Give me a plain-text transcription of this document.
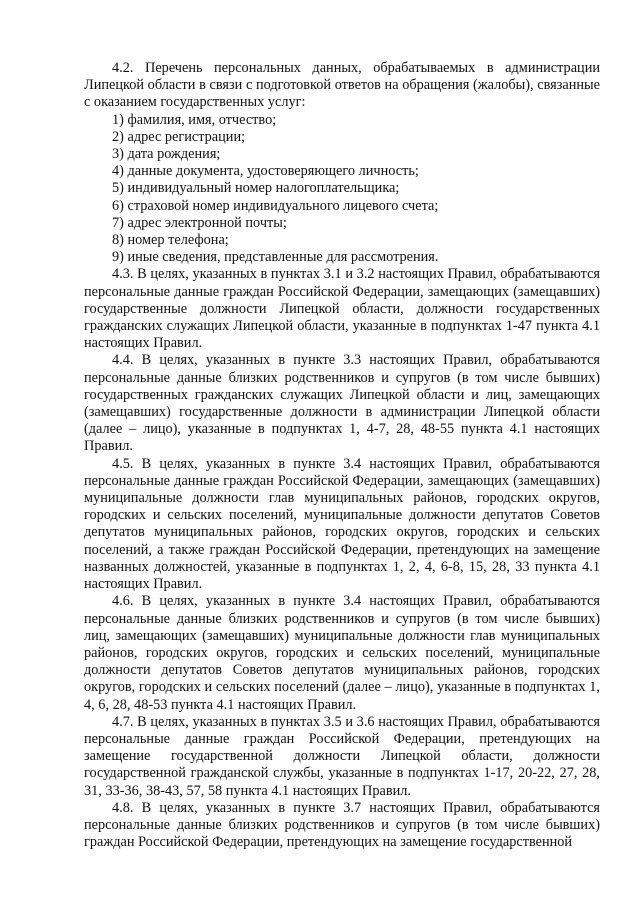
4.2. Перечень персональных данных, обрабатываемых в администрации Липецкой области в связи с подготовкой ответов на обращения (жалобы), связанные с оказанием государственных услуг:

1) фамилия, имя, отчество;
2) адрес регистрации;
3) дата рождения;
4) данные документа, удостоверяющего личность;
5) индивидуальный номер налогоплательщика;
6) страховой номер индивидуального лицевого счета;
7) адрес электронной почты;
8) номер телефона;
9) иные сведения, представленные для рассмотрения.

4.3. В целях, указанных в пунктах 3.1 и 3.2 настоящих Правил, обрабатываются персональные данные граждан Российской Федерации, замещающих (замещавших) государственные должности Липецкой области, должности государственных гражданских служащих Липецкой области, указанные в подпунктах 1-47 пункта 4.1 настоящих Правил.

4.4. В целях, указанных в пункте 3.3 настоящих Правил, обрабатываются персональные данные близких родственников и супругов (в том числе бывших) государственных гражданских служащих Липецкой области и лиц, замещающих (замещавших) государственные должности в администрации Липецкой области (далее – лицо), указанные в подпунктах 1, 4-7, 28, 48-55 пункта 4.1 настоящих Правил.

4.5. В целях, указанных в пункте 3.4 настоящих Правил, обрабатываются персональные данные граждан Российской Федерации, замещающих (замещавших) муниципальные должности глав муниципальных районов, городских округов, городских и сельских поселений, муниципальные должности депутатов Советов депутатов муниципальных районов, городских округов, городских и сельских поселений, а также граждан Российской Федерации, претендующих на замещение названных должностей, указанные в подпунктах 1, 2, 4, 6-8, 15, 28, 33 пункта 4.1 настоящих Правил.

4.6. В целях, указанных в пункте 3.4 настоящих Правил, обрабатываются персональные данные близких родственников и супругов (в том числе бывших) лиц, замещающих (замещавших) муниципальные должности глав муниципальных районов, городских округов, городских и сельских поселений, муниципальные должности депутатов Советов депутатов муниципальных районов, городских округов, городских и сельских поселений (далее – лицо), указанные в подпунктах 1, 4, 6, 28, 48-53 пункта 4.1 настоящих Правил.

4.7. В целях, указанных в пунктах 3.5 и 3.6 настоящих Правил, обрабатываются персональные данные граждан Российской Федерации, претендующих на замещение государственной должности Липецкой области, должности государственной гражданской службы, указанные в подпунктах 1-17, 20-22, 27, 28, 31, 33-36, 38-43, 57, 58 пункта 4.1 настоящих Правил.

4.8. В целях, указанных в пункте 3.7 настоящих Правил, обрабатываются персональные данные близких родственников и супругов (в том числе бывших) граждан Российской Федерации, претендующих на замещение государственной
